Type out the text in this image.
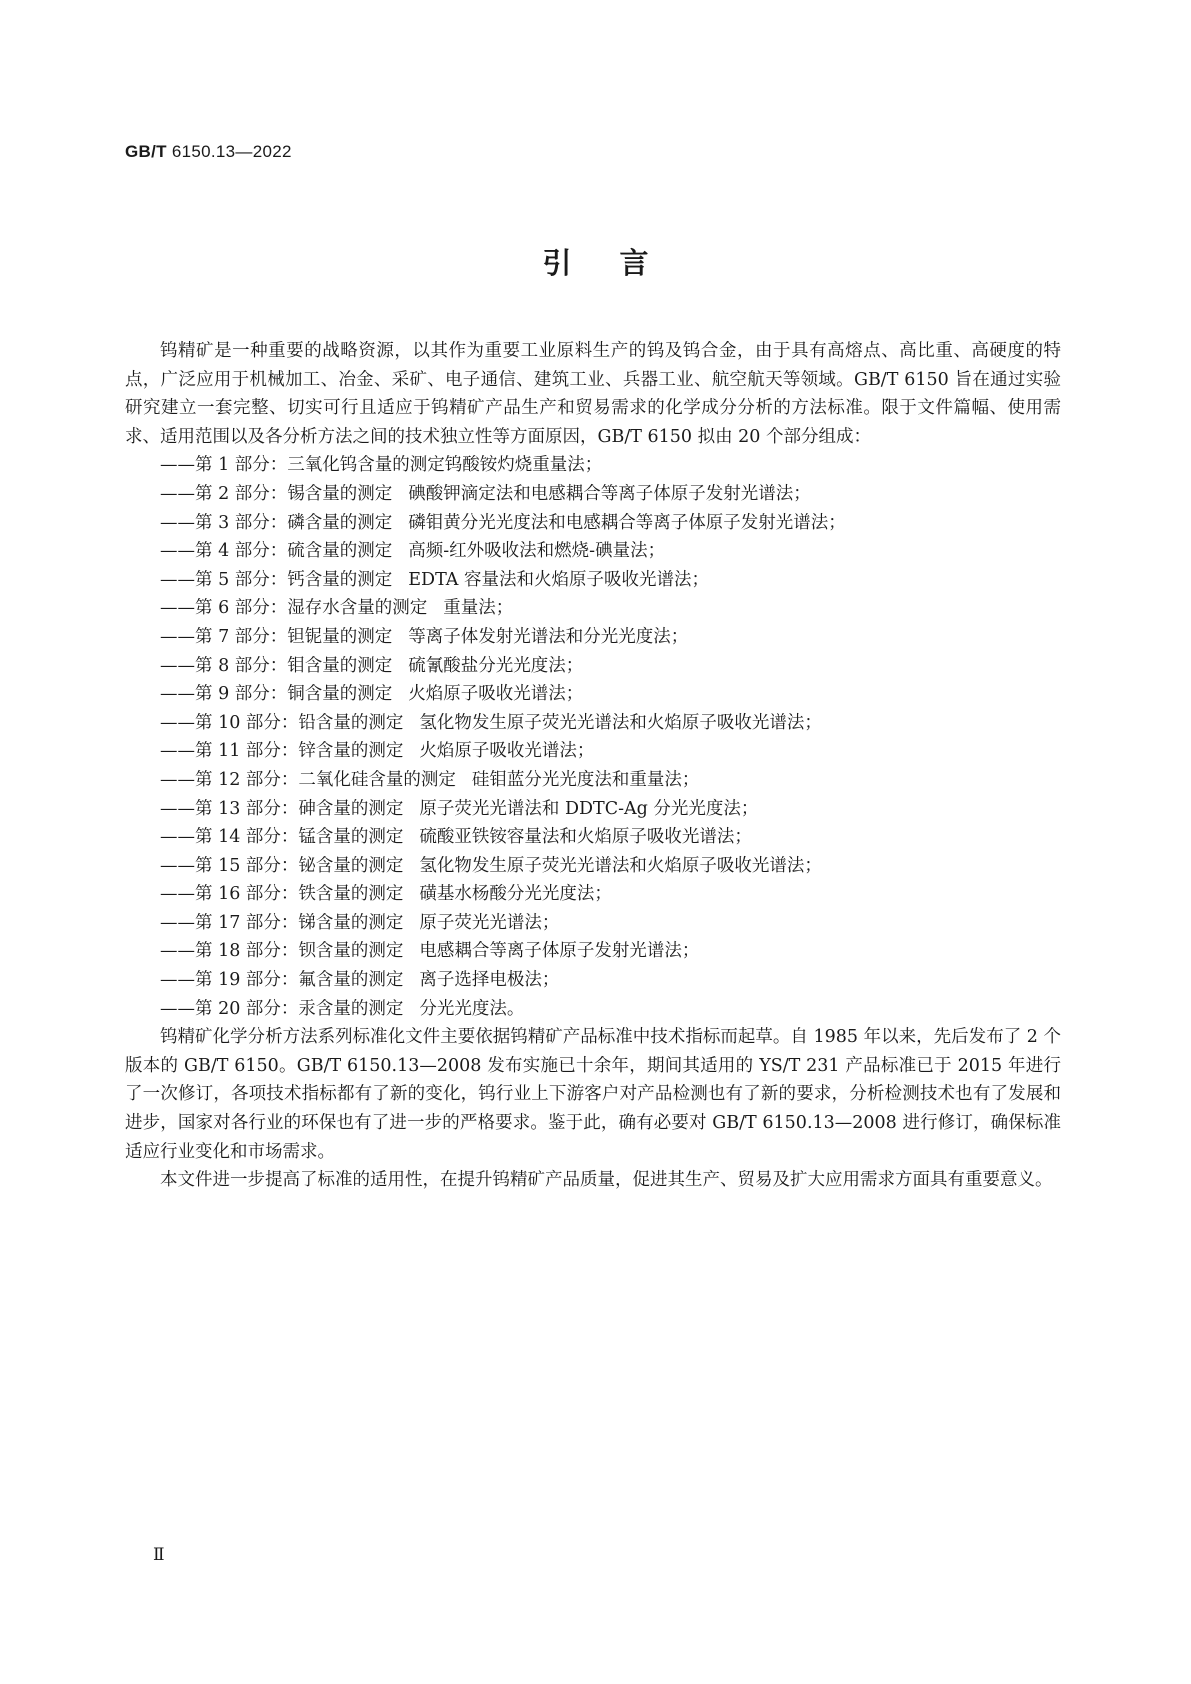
GB/T 6150.13—2022
引言

钨精矿是一种重要的战略资源，以其作为重要工业原料生产的钨及钨合金，由于具有高熔点、高比重、高硬度的特点，广泛应用于机械加工、冶金、采矿、电子通信、建筑工业、兵器工业、航空航天等领域。GB/T 6150 旨在通过实验研究建立一套完整、切实可行且适应于钨精矿产品生产和贸易需求的化学成分分析的方法标准。限于文件篇幅、使用需求、适用范围以及各分析方法之间的技术独立性等方面原因，GB/T 6150 拟由 20 个部分组成：

——第 1 部分：三氧化钨含量的测定钨酸铵灼烧重量法；
——第 2 部分：锡含量的测定 碘酸钾滴定法和电感耦合等离子体原子发射光谱法；
——第 3 部分：磷含量的测定 磷钼黄分光光度法和电感耦合等离子体原子发射光谱法；
——第 4 部分：硫含量的测定 高频-红外吸收法和燃烧-碘量法；
——第 5 部分：钙含量的测定 EDTA 容量法和火焰原子吸收光谱法；
——第 6 部分：湿存水含量的测定 重量法；
——第 7 部分：钽铌量的测定 等离子体发射光谱法和分光光度法；
——第 8 部分：钼含量的测定 硫氰酸盐分光光度法；
——第 9 部分：铜含量的测定 火焰原子吸收光谱法；
——第 10 部分：铅含量的测定 氢化物发生原子荧光光谱法和火焰原子吸收光谱法；
——第 11 部分：锌含量的测定 火焰原子吸收光谱法；
——第 12 部分：二氧化硅含量的测定 硅钼蓝分光光度法和重量法；
——第 13 部分：砷含量的测定 原子荧光光谱法和 DDTC-Ag 分光光度法；
——第 14 部分：锰含量的测定 硫酸亚铁铵容量法和火焰原子吸收光谱法；
——第 15 部分：铋含量的测定 氢化物发生原子荧光光谱法和火焰原子吸收光谱法；
——第 16 部分：铁含量的测定 磺基水杨酸分光光度法；
——第 17 部分：锑含量的测定 原子荧光光谱法；
——第 18 部分：钡含量的测定 电感耦合等离子体原子发射光谱法；
——第 19 部分：氟含量的测定 离子选择电极法；
——第 20 部分：汞含量的测定 分光光度法。

钨精矿化学分析方法系列标准化文件主要依据钨精矿产品标准中技术指标而起草。自 1985 年以来，先后发布了 2 个版本的 GB/T 6150。GB/T 6150.13—2008 发布实施已十余年，期间其适用的 YS/T 231 产品标准已于 2015 年进行了一次修订，各项技术指标都有了新的变化，钨行业上下游客户对产品检测也有了新的要求，分析检测技术也有了发展和进步，国家对各行业的环保也有了进一步的严格要求。鉴于此，确有必要对 GB/T 6150.13—2008 进行修订，确保标准适应行业变化和市场需求。

本文件进一步提高了标准的适用性，在提升钨精矿产品质量，促进其生产、贸易及扩大应用需求方面具有重要意义。

Ⅱ
